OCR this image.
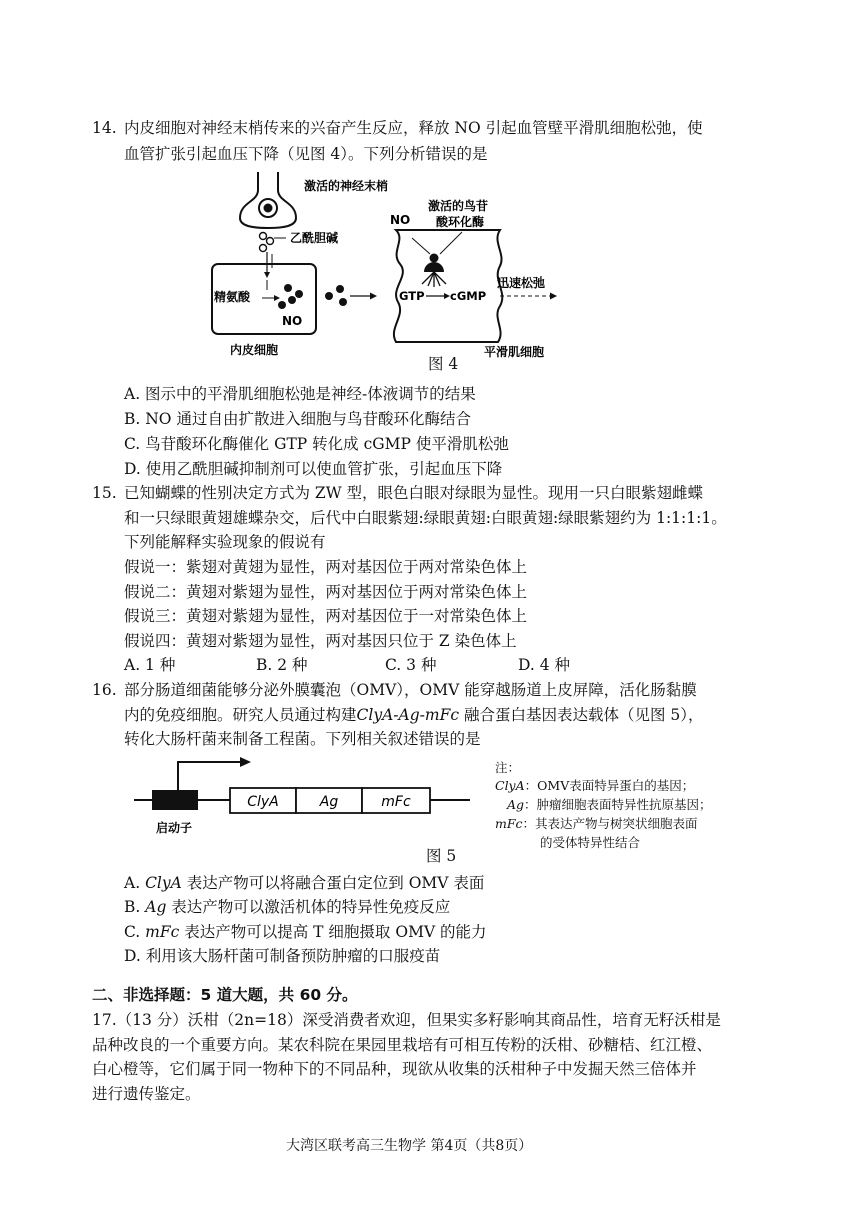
14. 内皮细胞对神经末梢传来的兴奋产生反应，释放 NO 引起血管壁平滑肌细胞松弛，使
血管扩张引起血压下降（见图 4）。下列分析错误的是
激活的神经末梢
乙酰胆碱
精氨酸
NO
内皮细胞
NO
激活的鸟苷
酸环化酶
GTP cGMP
迅速松弛
平滑肌细胞
图 4
A. 图示中的平滑肌细胞松弛是神经-体液调节的结果
B. NO 通过自由扩散进入细胞与鸟苷酸环化酶结合
C. 鸟苷酸环化酶催化 GTP 转化成 cGMP 使平滑肌松弛
D. 使用乙酰胆碱抑制剂可以使血管扩张，引起血压下降
15. 已知蝴蝶的性别决定方式为 ZW 型，眼色白眼对绿眼为显性。现用一只白眼紫翅雌蝶
和一只绿眼黄翅雄蝶杂交，后代中白眼紫翅:绿眼黄翅:白眼黄翅:绿眼紫翅约为 1:1:1:1。
下列能解释实验现象的假说有
假说一：紫翅对黄翅为显性，两对基因位于两对常染色体上
假说二：黄翅对紫翅为显性，两对基因位于两对常染色体上
假说三：黄翅对紫翅为显性，两对基因位于一对常染色体上
假说四：黄翅对紫翅为显性，两对基因只位于 Z 染色体上
A. 1 种	B. 2 种	C. 3 种	D. 4 种
16. 部分肠道细菌能够分泌外膜囊泡（OMV），OMV 能穿越肠道上皮屏障，活化肠黏膜
内的免疫细胞。研究人员通过构建ClyA-Ag-mFc 融合蛋白基因表达载体（见图 5），
转化大肠杆菌来制备工程菌。下列相关叙述错误的是
ClyA	Ag	mFc
启动子
注：
ClyA：OMV表面特异蛋白的基因；
Ag：肿瘤细胞表面特异性抗原基因；
mFc：其表达产物与树突状细胞表面
的受体特异性结合
图 5
A. ClyA 表达产物可以将融合蛋白定位到 OMV 表面
B. Ag 表达产物可以激活机体的特异性免疫反应
C. mFc 表达产物可以提高 T 细胞摄取 OMV 的能力
D. 利用该大肠杆菌可制备预防肿瘤的口服疫苗
二、非选择题：5 道大题，共 60 分。
17.（13 分）沃柑（2n=18）深受消费者欢迎，但果实多籽影响其商品性，培育无籽沃柑是
品种改良的一个重要方向。某农科院在果园里栽培有可相互传粉的沃柑、砂糖桔、红江橙、
白心橙等，它们属于同一物种下的不同品种，现欲从收集的沃柑种子中发掘天然三倍体并
进行遗传鉴定。
大湾区联考高三生物学 第4页（共8页）
